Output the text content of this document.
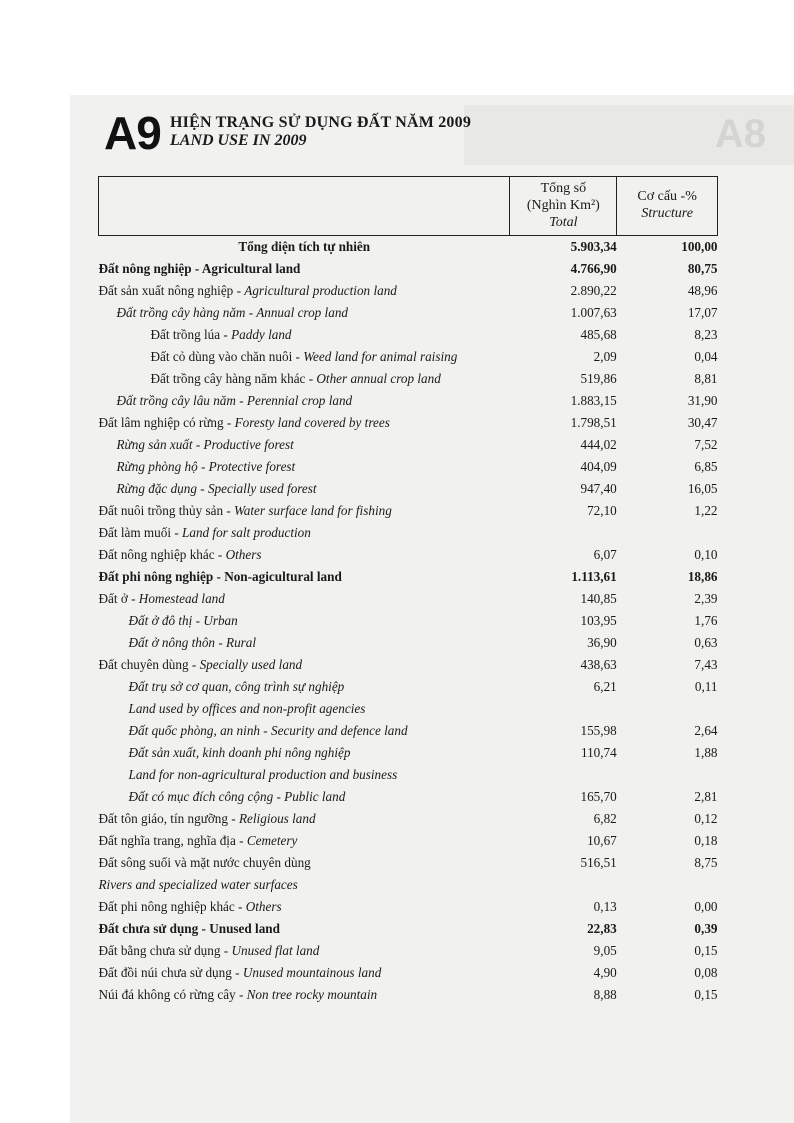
A8
A9 HIỆN TRẠNG SỬ DỤNG ĐẤT NĂM 2009
LAND USE IN 2009

	Tổng số
(Nghìn Km²)
Total	Cơ cấu -%
Structure

Tổng diện tích tự nhiên	5.903,34	100,00
Đất nông nghiệp - Agricultural land	4.766,90	80,75
Đất sản xuất nông nghiệp - Agricultural production land	2.890,22	48,96
Đất trồng cây hàng năm - Annual crop land	1.007,63	17,07
Đất trồng lúa - Paddy land	485,68	8,23
Đất cỏ dùng vào chăn nuôi - Weed land for animal raising	2,09	0,04
Đất trồng cây hàng năm khác - Other annual crop land	519,86	8,81
Đất trồng cây lâu năm - Perennial crop land	1.883,15	31,90
Đất lâm nghiệp có rừng - Foresty land covered by trees	1.798,51	30,47
Rừng sản xuất - Productive forest	444,02	7,52
Rừng phòng hộ - Protective forest	404,09	6,85
Rừng đặc dụng - Specially used forest	947,40	16,05
Đất nuôi trồng thủy sản - Water surface land for fishing	72,10	1,22
Đất làm muối - Land for salt production		
Đất nông nghiệp khác - Others	6,07	0,10
Đất phi nông nghiệp - Non-agicultural land	1.113,61	18,86
Đất ở - Homestead land	140,85	2,39
Đất ở đô thị - Urban	103,95	1,76
Đất ở nông thôn - Rural	36,90	0,63
Đất chuyên dùng - Specially used land	438,63	7,43
Đất trụ sở cơ quan, công trình sự nghiệp	6,21	0,11
Land used by offices and non-profit agencies		
Đất quốc phòng, an ninh - Security and defence land	155,98	2,64
Đất sản xuất, kinh doanh phi nông nghiệp	110,74	1,88
Land for non-agricultural production and business		
Đất có mục đích công cộng - Public land	165,70	2,81
Đất tôn giáo, tín ngưỡng - Religious land	6,82	0,12
Đất nghĩa trang, nghĩa địa - Cemetery	10,67	0,18
Đất sông suối và mặt nước chuyên dùng	516,51	8,75
Rivers and specialized water surfaces		
Đất phi nông nghiệp khác - Others	0,13	0,00
Đất chưa sử dụng - Unused land	22,83	0,39
Đất bằng chưa sử dụng - Unused flat land	9,05	0,15
Đất đồi núi chưa sử dụng - Unused mountainous land	4,90	0,08
Núi đá không có rừng cây - Non tree rocky mountain	8,88	0,15
